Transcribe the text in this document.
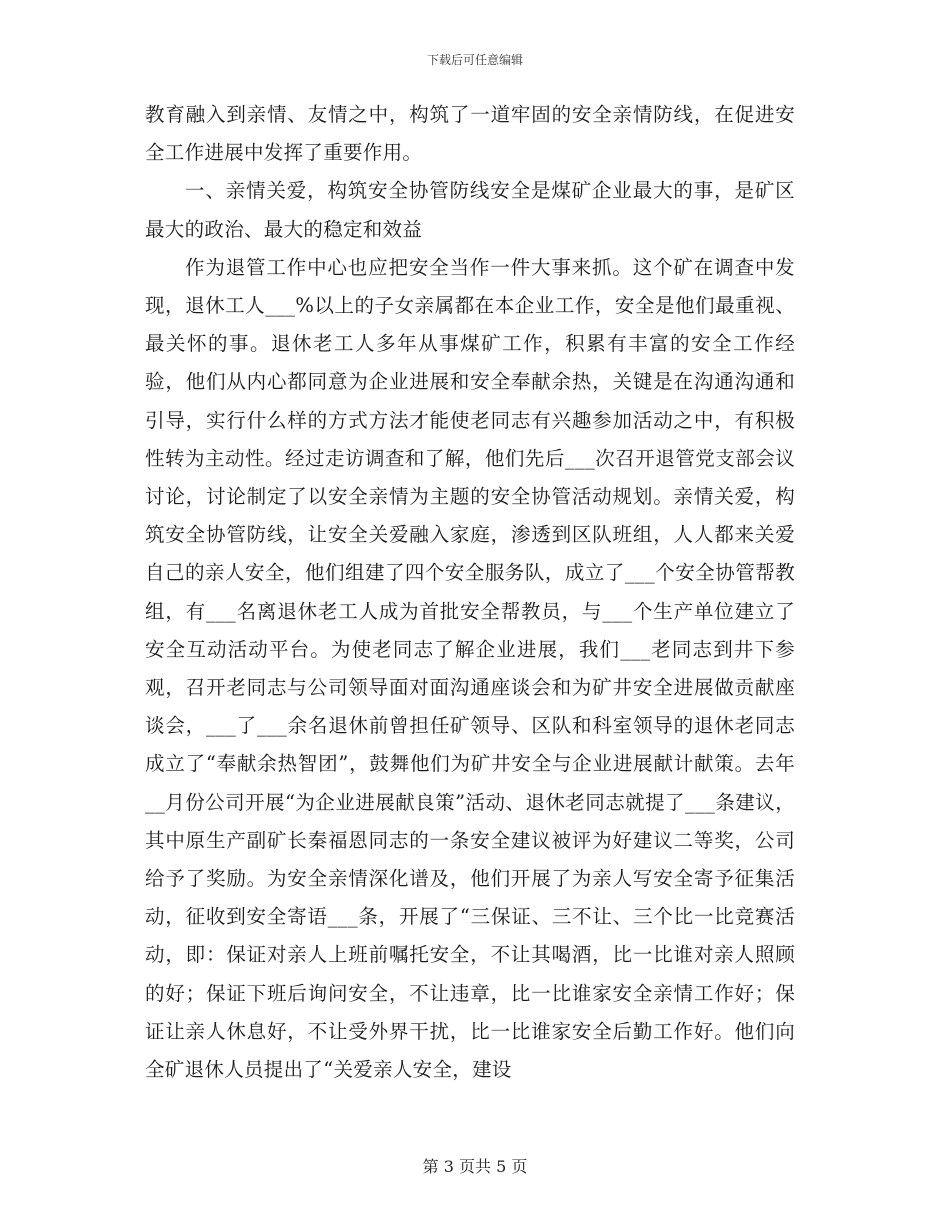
下载后可任意编辑

教育融入到亲情、友情之中，构筑了一道牢固的安全亲情防线，在促进安全工作进展中发挥了重要作用。

一、亲情关爱，构筑安全协管防线安全是煤矿企业最大的事，是矿区最大的政治、最大的稳定和效益

作为退管工作中心也应把安全当作一件大事来抓。这个矿在调查中发现，退休工人___%以上的子女亲属都在本企业工作，安全是他们最重视、最关怀的事。退休老工人多年从事煤矿工作，积累有丰富的安全工作经验，他们从内心都同意为企业进展和安全奉献余热，关键是在沟通沟通和引导，实行什么样的方式方法才能使老同志有兴趣参加活动之中，有积极性转为主动性。经过走访调查和了解，他们先后___次召开退管党支部会议讨论，讨论制定了以安全亲情为主题的安全协管活动规划。亲情关爱，构筑安全协管防线，让安全关爱融入家庭，渗透到区队班组，人人都来关爱自己的亲人安全，他们组建了四个安全服务队，成立了___个安全协管帮教组，有___名离退休老工人成为首批安全帮教员，与___个生产单位建立了安全互动活动平台。为使老同志了解企业进展，我们___老同志到井下参观，召开老同志与公司领导面对面沟通座谈会和为矿井安全进展做贡献座谈会，___了___余名退休前曾担任矿领导、区队和科室领导的退休老同志成立了“奉献余热智团”，鼓舞他们为矿井安全与企业进展献计献策。去年__月份公司开展“为企业进展献良策”活动、退休老同志就提了___条建议，其中原生产副矿长秦福恩同志的一条安全建议被评为好建议二等奖，公司给予了奖励。为安全亲情深化谱及，他们开展了为亲人写安全寄予征集活动，征收到安全寄语___条，开展了“三保证、三不让、三个比一比竞赛活动，即：保证对亲人上班前嘱托安全，不让其喝酒，比一比谁对亲人照顾的好；保证下班后询问安全，不让违章，比一比谁家安全亲情工作好；保证让亲人休息好，不让受外界干扰，比一比谁家安全后勤工作好。他们向全矿退休人员提出了“关爱亲人安全，建设

第 3 页共 5 页
